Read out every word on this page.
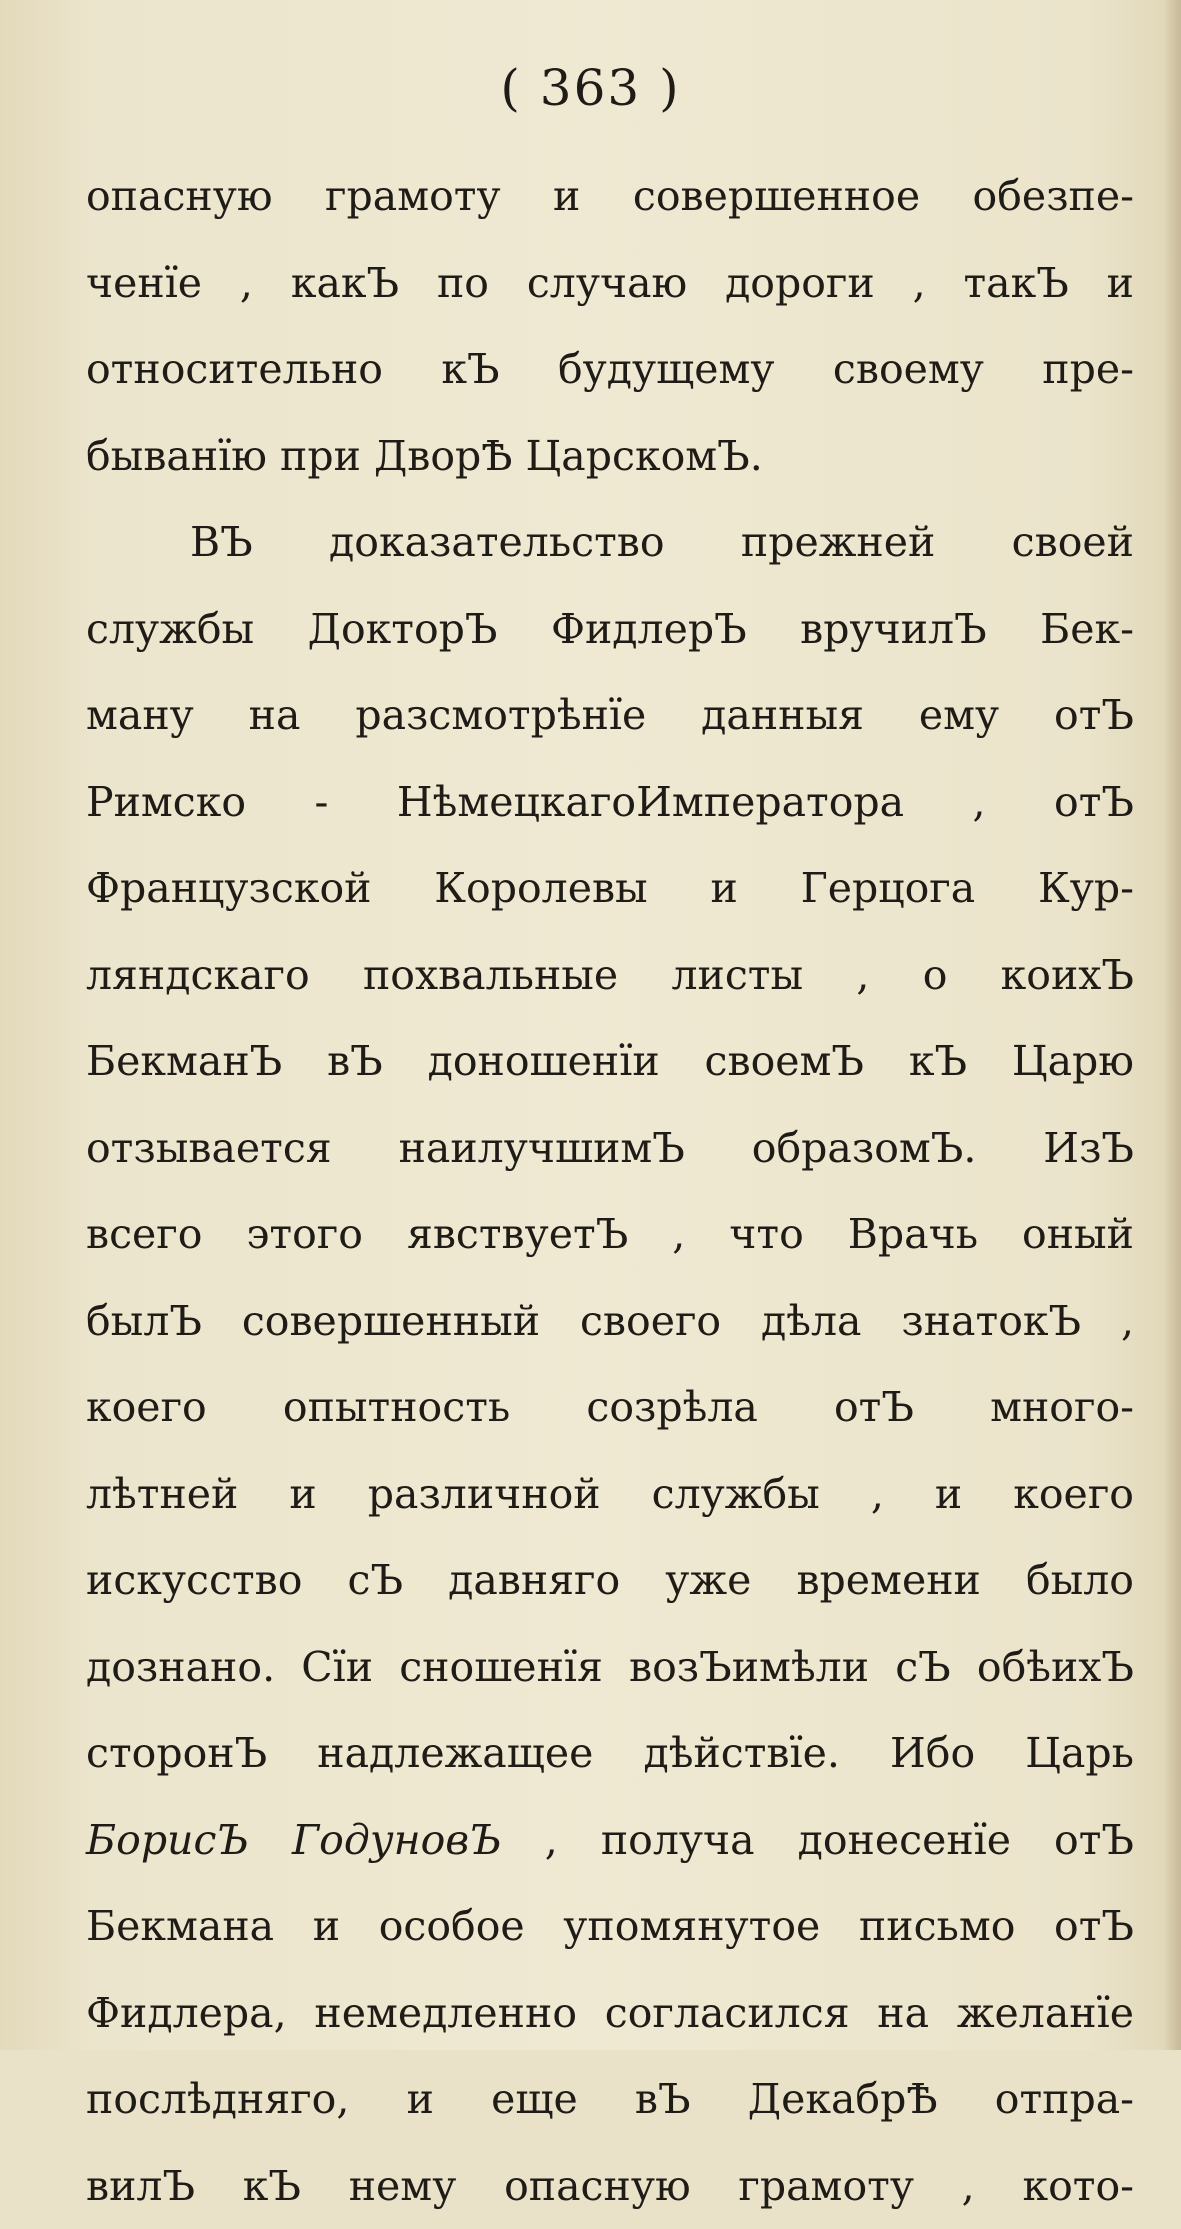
( 363 )
опасную грамоту и совершенное обезпе-
ченїе , какЪ по случаю дороги , такЪ и
относительно кЪ будущему своему пре-
быванїю при ДворѢ ЦарскомЪ.
ВЪ доказательство прежней своей
службы ДокторЪ ФидлерЪ вручилЪ Бек-
ману на разсмотрѣнїе данныя ему отЪ
Римско - НѣмецкагоИмператора , отЪ
Французской Королевы и Герцога Кур-
ляндскаго похвальные листы , о коихЪ
БекманЪ вЪ доношенїи своемЪ кЪ Царю
отзывается наилучшимЪ образомЪ. ИзЪ
всего этого явствуетЪ , что Врачь оный
былЪ совершенный своего дѣла знатокЪ ,
коего опытность созрѣла отЪ много-
лѣтней и различной службы , и коего
искусство сЪ давняго уже времени было
дознано. Сїи сношенїя возЪимѣли сЪ обѣихЪ
сторонЪ надлежащее дѣйствїе. Ибо Царь
БорисЪ ГодуновЪ , получа донесенїе отЪ
Бекмана и особое упомянутое письмо отЪ
Фидлера, немедленно согласился на желанїе
послѣдняго, и еще вЪ ДекабрѢ отпра-
вилЪ кЪ нему опасную грамоту , кото-
